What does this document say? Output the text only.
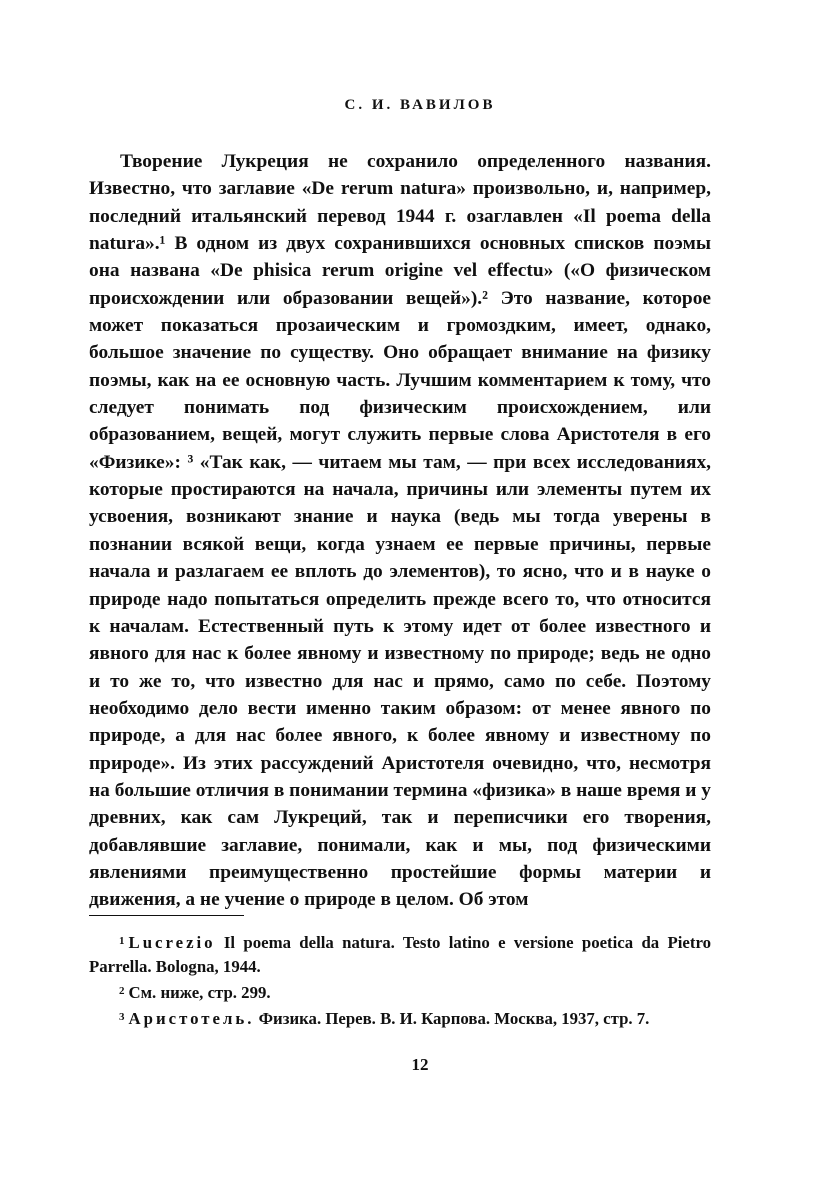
С. И. ВАВИЛОВ

Творение Лукреция не сохранило определенного названия. Известно, что заглавие «De rerum natura» произвольно, и, например, последний итальянский перевод 1944 г. озаглавлен «Il poema della natura».¹ В одном из двух сохранившихся основных списков поэмы она названа «De phisica rerum origine vel effectu» («О физическом происхождении или образовании вещей»).² Это название, которое может показаться прозаическим и громоздким, имеет, однако, большое значение по существу. Оно обращает внимание на физику поэмы, как на ее основную часть. Лучшим комментарием к тому, что следует понимать под физическим происхождением, или образованием, вещей, могут служить первые слова Аристотеля в его «Физике»: ³ «Так как, — читаем мы там, — при всех исследованиях, которые простираются на начала, причины или элементы путем их усвоения, возникают знание и наука (ведь мы тогда уверены в познании всякой вещи, когда узнаем ее первые причины, первые начала и разлагаем ее вплоть до элементов), то ясно, что и в науке о природе надо попытаться определить прежде всего то, что относится к началам. Естественный путь к этому идет от более известного и явного для нас к более явному и известному по природе; ведь не одно и то же то, что известно для нас и прямо, само по себе. Поэтому необходимо дело вести именно таким образом: от менее явного по природе, а для нас более явного, к более явному и известному по природе». Из этих рассуждений Аристотеля очевидно, что, несмотря на большие отличия в понимании термина «физика» в наше время и у древних, как сам Лукреций, так и переписчики его творения, добавлявшие заглавие, понимали, как и мы, под физическими явлениями преимущественно простейшие формы материи и движения, а не учение о природе в целом. Об этом

$^1$ Lucrezio Il poema della natura. Testo latino e versione poetica da Pietro Parrella. Bologna, 1944.

$^2$ См. ниже, стр. 299.

$^3$ Аристотель. Физика. Перев. В. И. Карпова. Москва, 1937, стр. 7.

12
